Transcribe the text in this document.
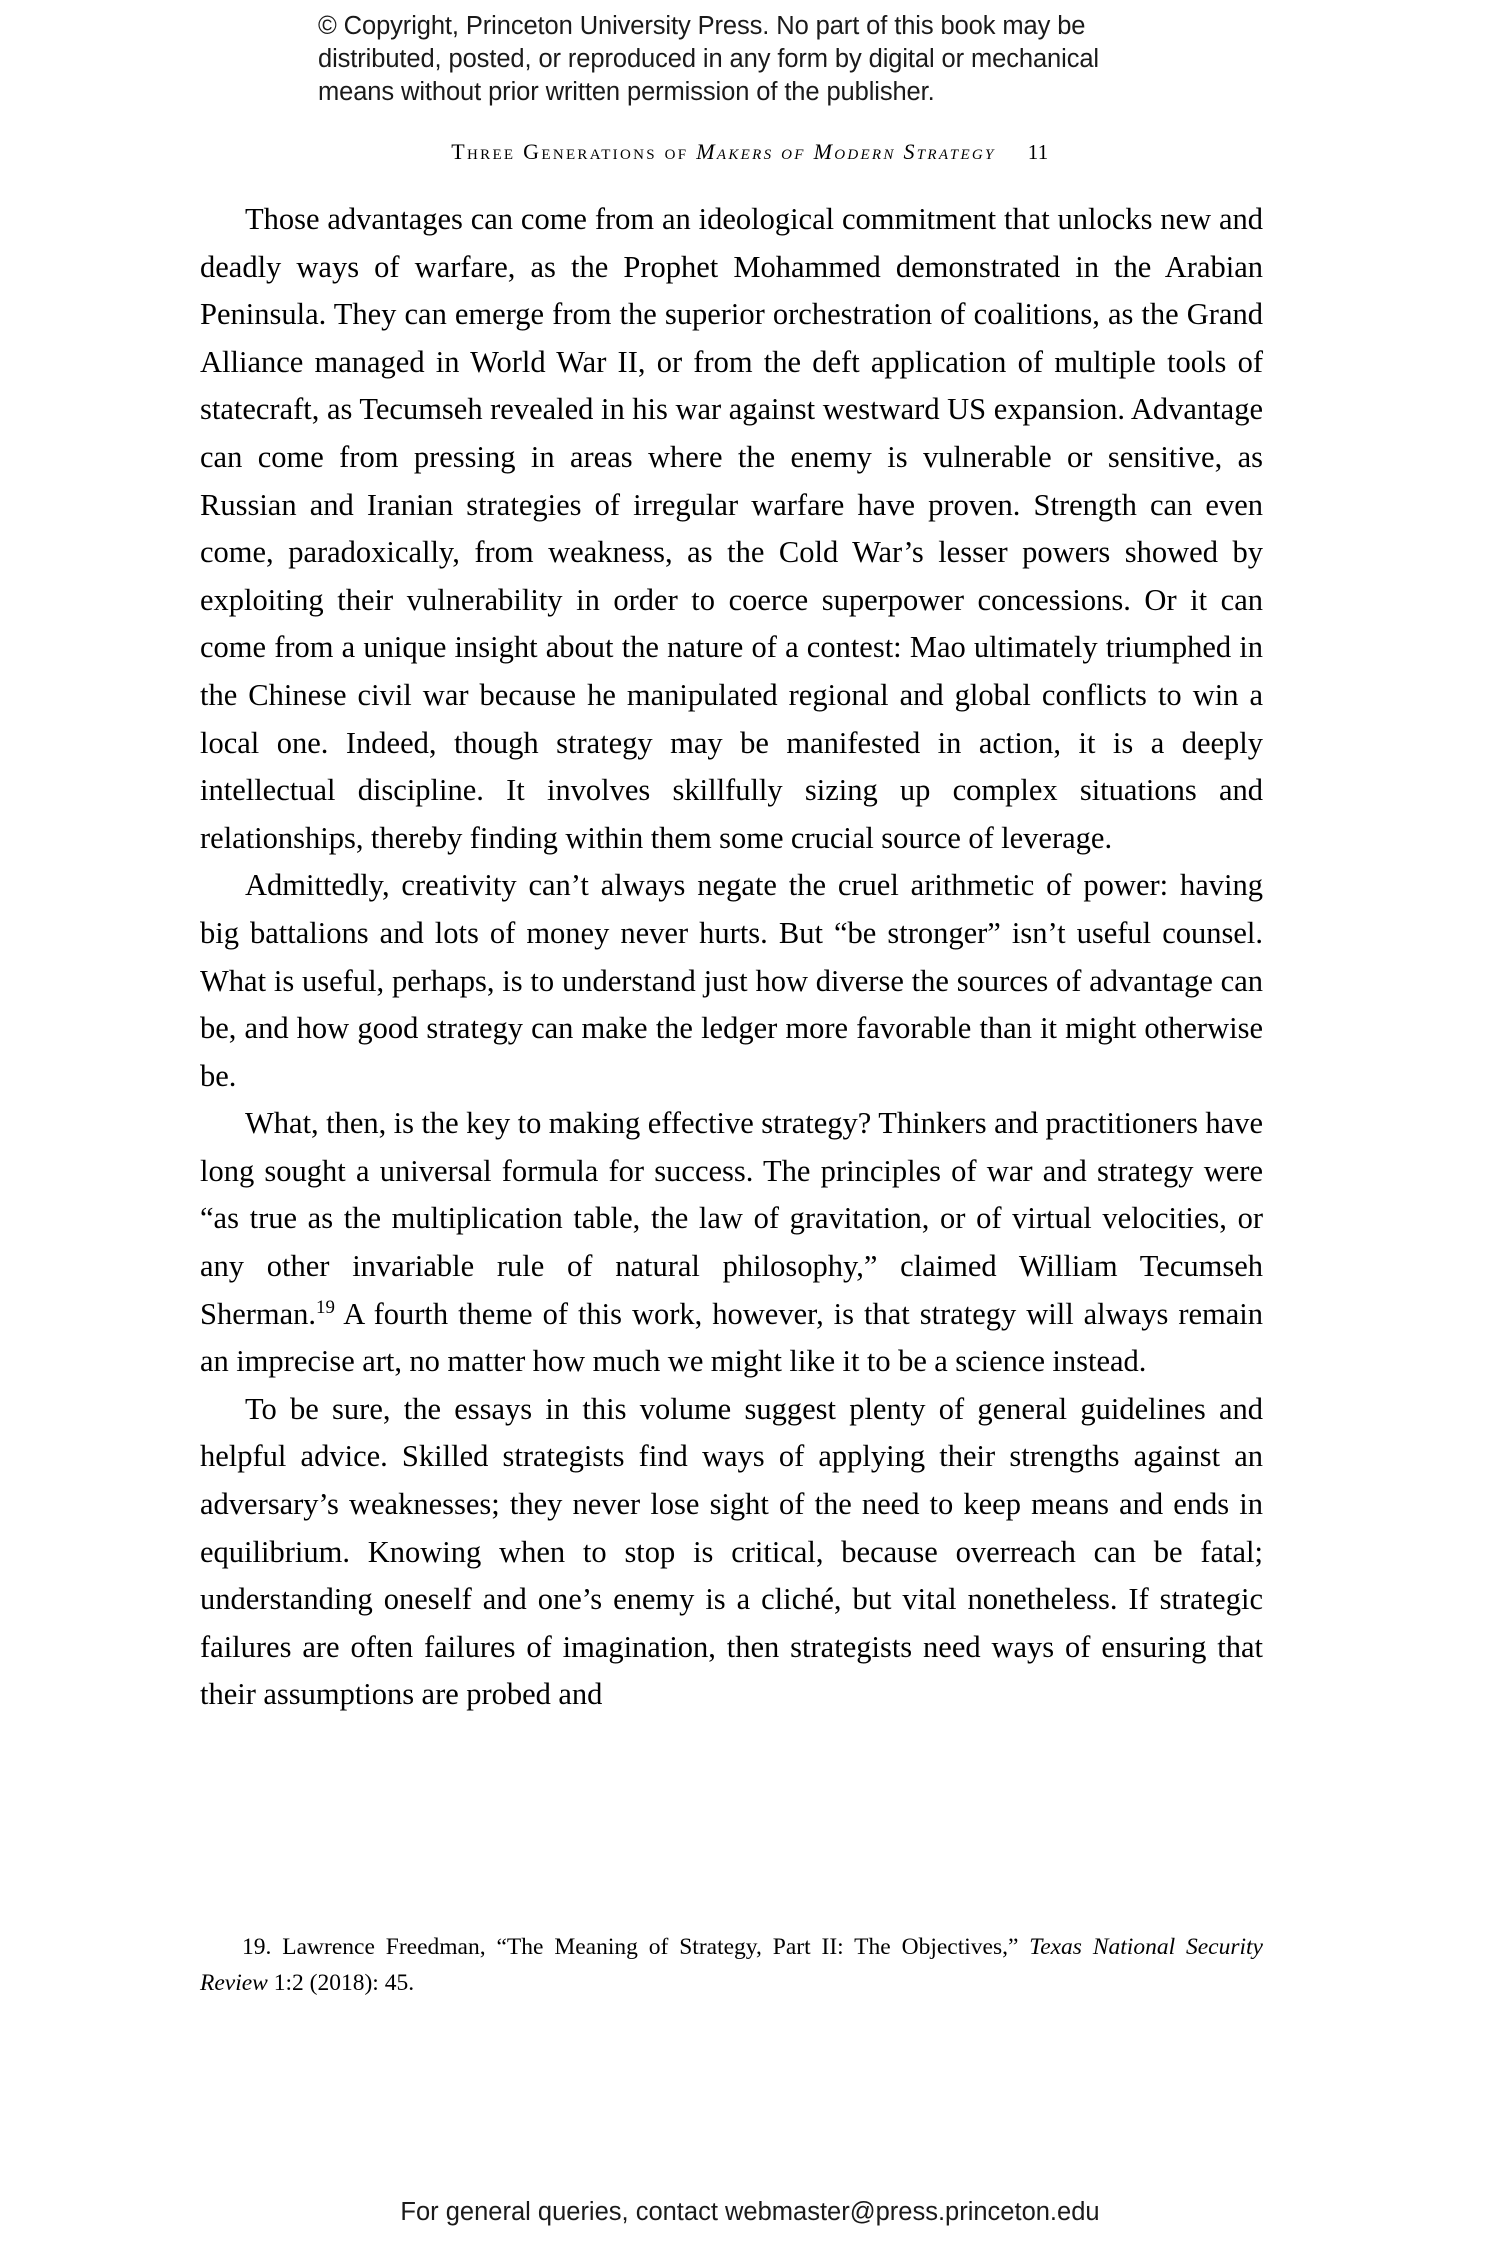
© Copyright, Princeton University Press. No part of this book may be
distributed, posted, or reproduced in any form by digital or mechanical
means without prior written permission of the publisher.
Three Generations of Makers of Modern Strategy 11

Those advantages can come from an ideological commitment that unlocks new and deadly ways of warfare, as the Prophet Mohammed demonstrated in the Arabian Peninsula. They can emerge from the superior orchestration of coalitions, as the Grand Alliance managed in World War II, or from the deft application of multiple tools of statecraft, as Tecumseh revealed in his war against westward US expansion. Advantage can come from pressing in areas where the enemy is vulnerable or sensitive, as Russian and Iranian strategies of irregular warfare have proven. Strength can even come, paradoxically, from weakness, as the Cold War’s lesser powers showed by exploiting their vulnerability in order to coerce superpower concessions. Or it can come from a unique insight about the nature of a contest: Mao ultimately triumphed in the Chinese civil war because he manipulated regional and global conflicts to win a local one. Indeed, though strategy may be manifested in action, it is a deeply intellectual discipline. It involves skillfully sizing up complex situations and relationships, thereby finding within them some crucial source of leverage.

Admittedly, creativity can’t always negate the cruel arithmetic of power: having big battalions and lots of money never hurts. But “be stronger” isn’t useful counsel. What is useful, perhaps, is to understand just how diverse the sources of advantage can be, and how good strategy can make the ledger more favorable than it might otherwise be.

What, then, is the key to making effective strategy? Thinkers and practitioners have long sought a universal formula for success. The principles of war and strategy were “as true as the multiplication table, the law of gravitation, or of virtual velocities, or any other invariable rule of natural philosophy,” claimed William Tecumseh Sherman.$^{19}$ A fourth theme of this work, however, is that strategy will always remain an imprecise art, no matter how much we might like it to be a science instead.

To be sure, the essays in this volume suggest plenty of general guidelines and helpful advice. Skilled strategists find ways of applying their strengths against an adversary’s weaknesses; they never lose sight of the need to keep means and ends in equilibrium. Knowing when to stop is critical, because overreach can be fatal; understanding oneself and one’s enemy is a cliché, but vital nonetheless. If strategic failures are often failures of imagination, then strategists need ways of ensuring that their assumptions are probed and

19. Lawrence Freedman, “The Meaning of Strategy, Part II: The Objectives,” Texas National Security Review 1:2 (2018): 45.

For general queries, contact webmaster@press.princeton.edu
